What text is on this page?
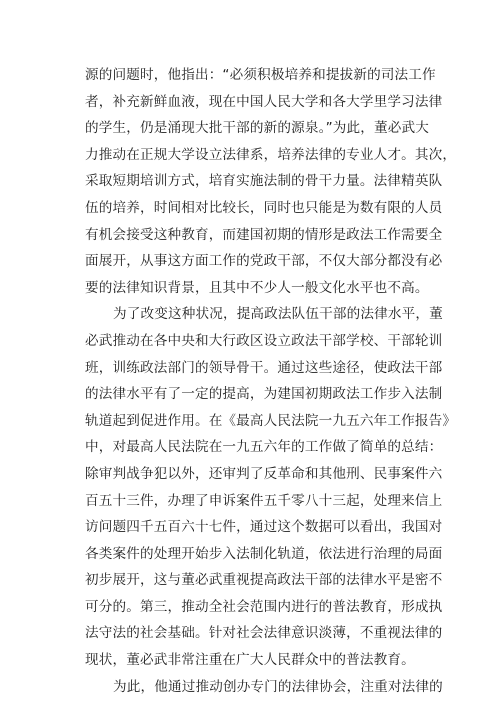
源的问题时，他指出：“必须积极培养和提拔新的司法工作
者，补充新鲜血液，现在中国人民大学和各大学里学习法律
的学生，仍是涌现大批干部的新的源泉。”为此，董必武大
力推动在正规大学设立法律系，培养法律的专业人才。其次，
采取短期培训方式，培育实施法制的骨干力量。法律精英队
伍的培养，时间相对比较长，同时也只能是为数有限的人员
有机会接受这种教育，而建国初期的情形是政法工作需要全
面展开，从事这方面工作的党政干部，不仅大部分都没有必
要的法律知识背景，且其中不少人一般文化水平也不高。
为了改变这种状况，提高政法队伍干部的法律水平，董
必武推动在各中央和大行政区设立政法干部学校、干部轮训
班，训练政法部门的领导骨干。通过这些途径，使政法干部
的法律水平有了一定的提高，为建国初期政法工作步入法制
轨道起到促进作用。在《最高人民法院一九五六年工作报告》
中，对最高人民法院在一九五六年的工作做了简单的总结：
除审判战争犯以外，还审判了反革命和其他刑、民事案件六
百五十三件，办理了申诉案件五千零八十三起，处理来信上
访问题四千五百六十七件，通过这个数据可以看出，我国对
各类案件的处理开始步入法制化轨道，依法进行治理的局面
初步展开，这与董必武重视提高政法干部的法律水平是密不
可分的。第三，推动全社会范围内进行的普法教育，形成执
法守法的社会基础。针对社会法律意识淡薄，不重视法律的
现状，董必武非常注重在广大人民群众中的普法教育。
为此，他通过推动创办专门的法律协会，注重对法律的
